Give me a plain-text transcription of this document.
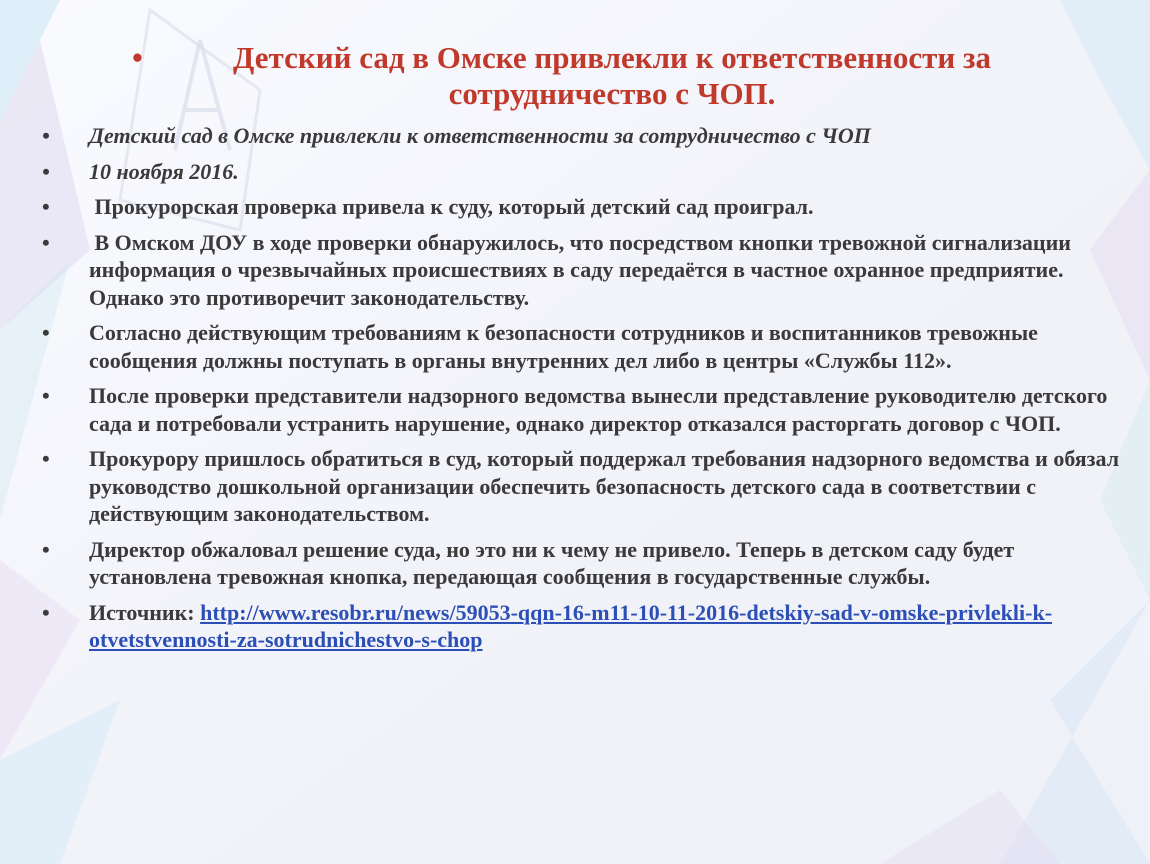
•	Детский сад в Омске привлекли к ответственности за сотрудничество с ЧОП.
•	Детский сад в Омске привлекли к ответственности за сотрудничество с ЧОП
•	10 ноября 2016.
•	Прокурорская проверка привела к суду, который детский сад проиграл.
•	В Омском ДОУ в ходе проверки обнаружилось, что посредством кнопки тревожной сигнализации информация о чрезвычайных происшествиях в саду передаётся в частное охранное предприятие. Однако это противоречит законодательству.
•	Согласно действующим требованиям к безопасности сотрудников и воспитанников тревожные сообщения должны поступать в органы внутренних дел либо в центры «Службы 112».
•	После проверки представители надзорного ведомства вынесли представление руководителю детского сада и потребовали устранить нарушение, однако директор отказался расторгать договор с ЧОП.
•	Прокурору пришлось обратиться в суд, который поддержал требования надзорного ведомства и обязал руководство дошкольной организации обеспечить безопасность детского сада в соответствии с действующим законодательством.
•	Директор обжаловал решение суда, но это ни к чему не привело. Теперь в детском саду будет установлена тревожная кнопка, передающая сообщения в государственные службы.
•	Источник: http://www.resobr.ru/news/59053-qqn-16-m11-10-11-2016-detskiy-sad-v-omske-privlekli-k-otvetstvennosti-za-sotrudnichestvo-s-chop
